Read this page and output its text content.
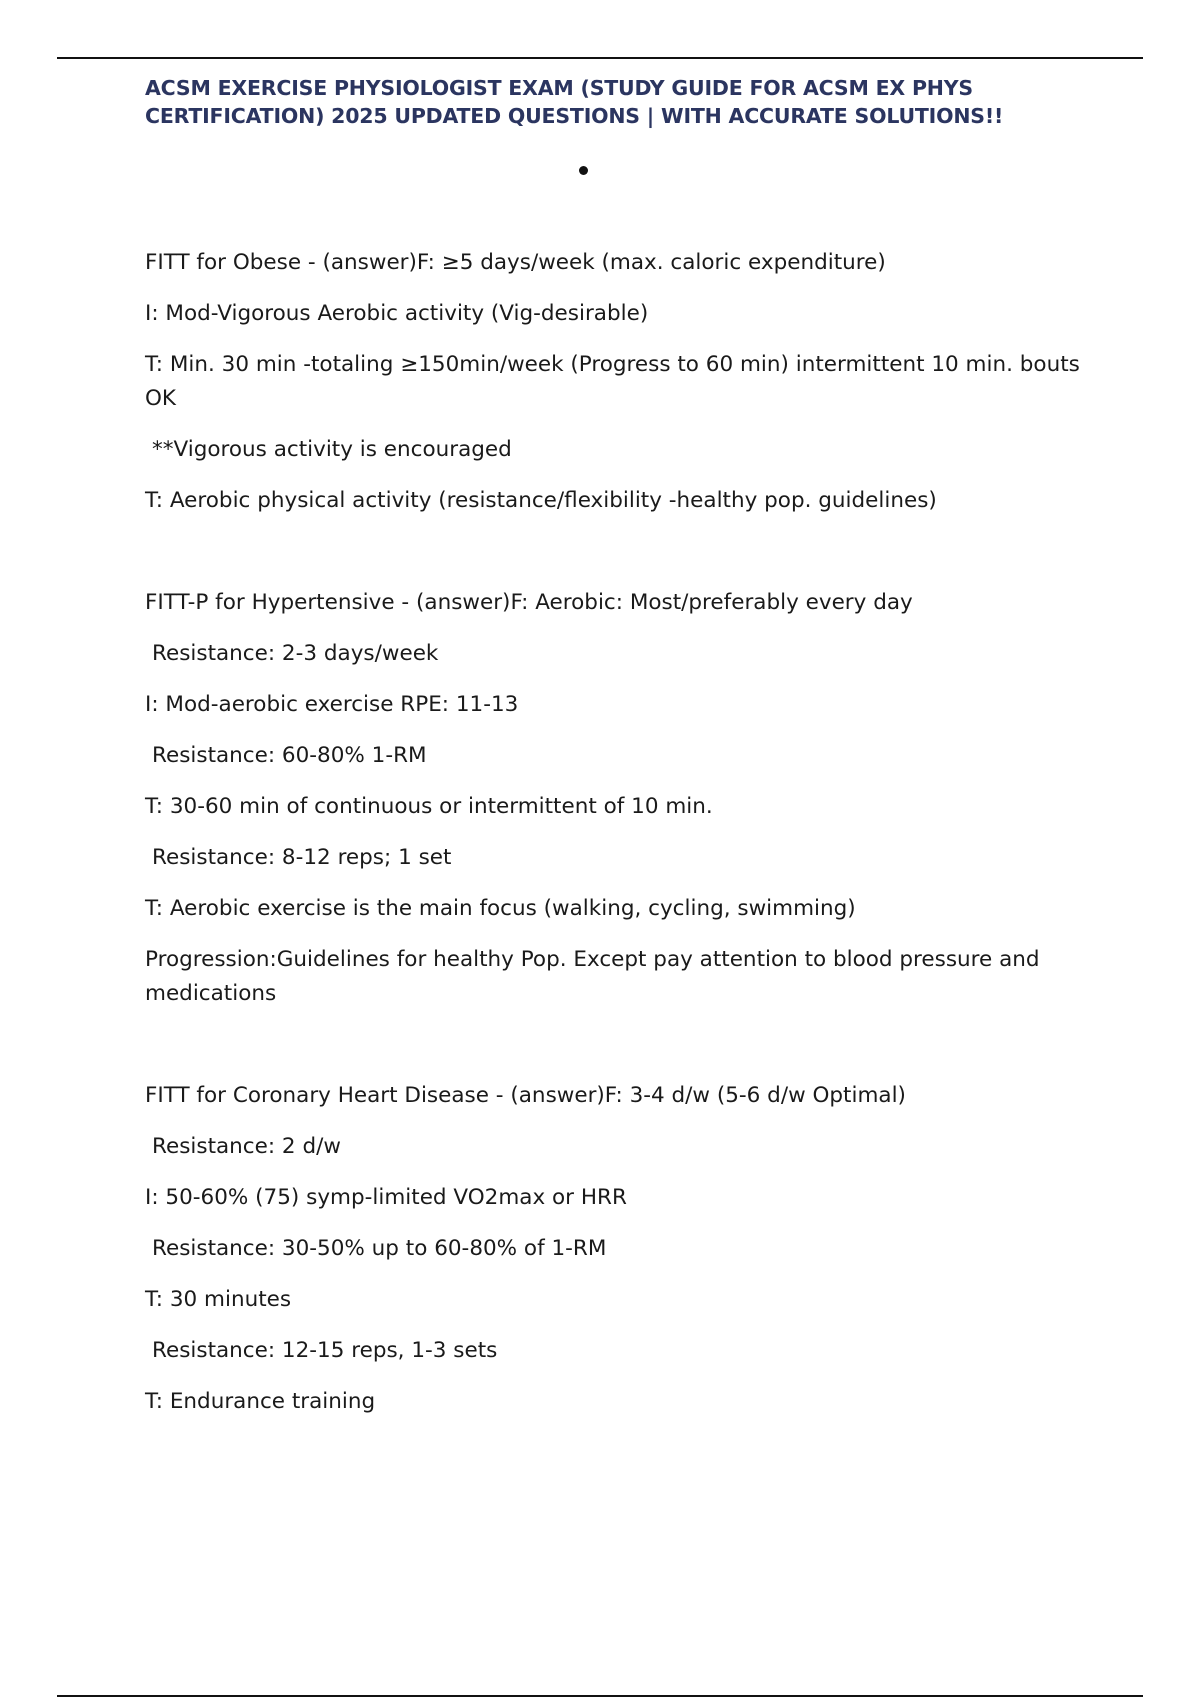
ACSM EXERCISE PHYSIOLOGIST EXAM (STUDY GUIDE FOR ACSM EX PHYS CERTIFICATION) 2025 UPDATED QUESTIONS | WITH ACCURATE SOLUTIONS!!
FITT for Obese - (answer)F: ≥5 days/week (max. caloric expenditure)
I: Mod-Vigorous Aerobic activity (Vig-desirable)
T: Min. 30 min -totaling ≥150min/week (Progress to 60 min) intermittent 10 min. bouts OK
**Vigorous activity is encouraged
T: Aerobic physical activity (resistance/flexibility -healthy pop. guidelines)
FITT-P for Hypertensive - (answer)F: Aerobic: Most/preferably every day
Resistance: 2-3 days/week
I: Mod-aerobic exercise RPE: 11-13
Resistance: 60-80% 1-RM
T: 30-60 min of continuous or intermittent of 10 min.
Resistance: 8-12 reps; 1 set
T: Aerobic exercise is the main focus (walking, cycling, swimming)
Progression:Guidelines for healthy Pop. Except pay attention to blood pressure and medications
FITT for Coronary Heart Disease - (answer)F: 3-4 d/w (5-6 d/w Optimal)
Resistance: 2 d/w
I: 50-60% (75) symp-limited VO2max or HRR
Resistance: 30-50% up to 60-80% of 1-RM
T: 30 minutes
Resistance: 12-15 reps, 1-3 sets
T: Endurance training
